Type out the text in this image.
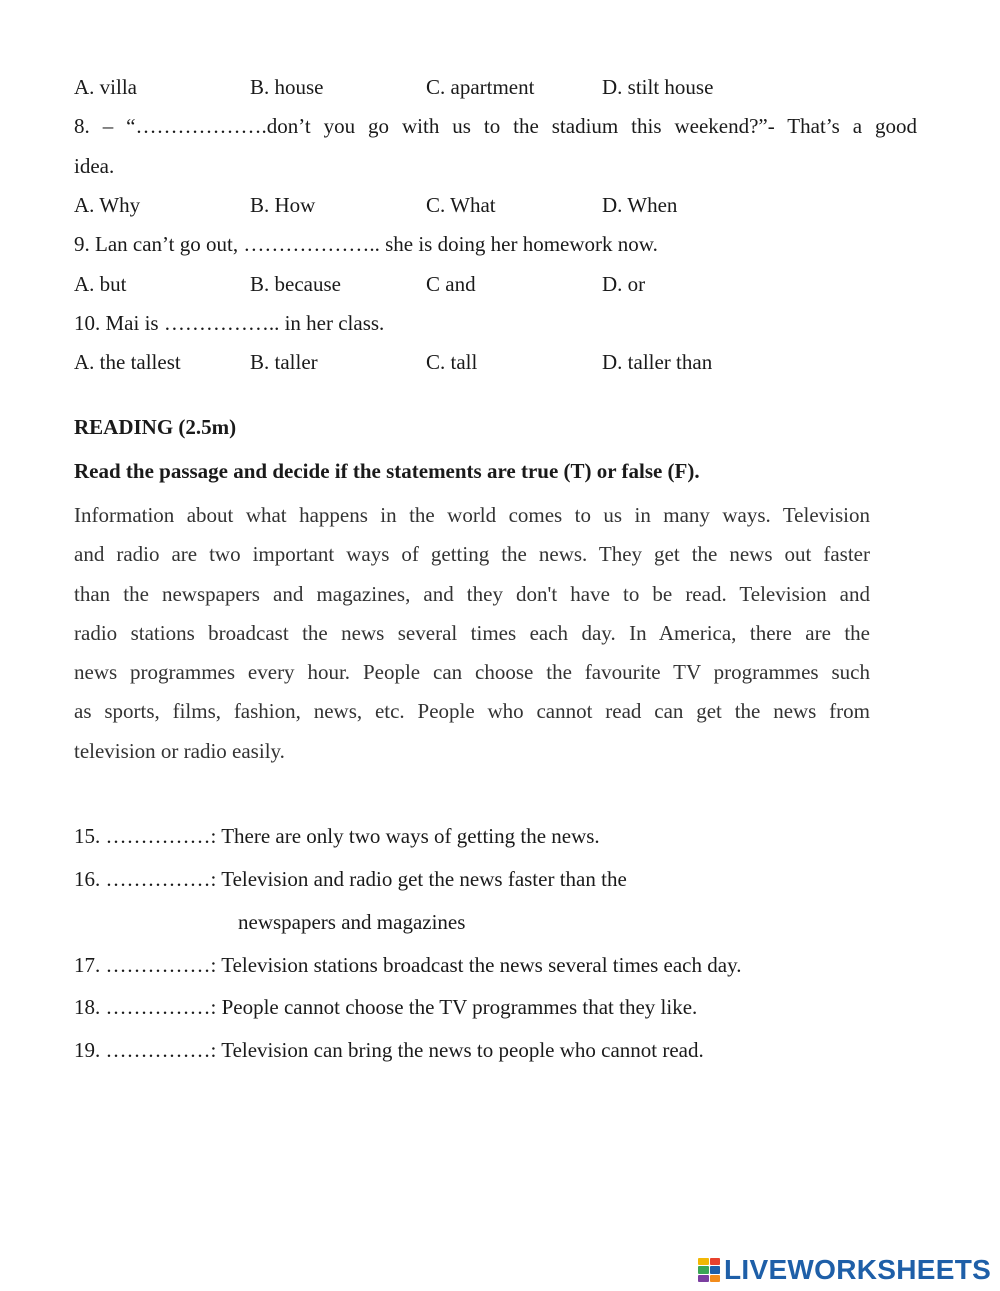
A. villa	B. house	C. apartment	D. stilt house
8. – “……………….don’t you go with us to the stadium this weekend?”- That’s a good
idea.
A. Why	B. How	C. What	D. When
9. Lan can’t go out, ……………….. she is doing her homework now.
A. but	B. because	C and	D. or
10. Mai is …………….. in her class.
A. the tallest	B. taller	C. tall	D. taller than
READING (2.5m)
Read the passage and decide if the statements are true (T) or false (F).
Information about what happens in the world comes to us in many ways. Television
and radio are two important ways of getting the news. They get the news out faster
than the newspapers and magazines, and they don't have to be read. Television and
radio stations broadcast the news several times each day. In America, there are the
news programmes every hour. People can choose the favourite TV programmes such
as sports, films, fashion, news, etc. People who cannot read can get the news from
television or radio easily.
15. ……………: There are only two ways of getting the news.
16. ……………: Television and radio get the news faster than the
newspapers and magazines
17. ……………: Television stations broadcast the news several times each day.
18. ……………: People cannot choose the TV programmes that they like.
19. ……………: Television can bring the news to people who cannot read.
LIVEWORKSHEETS
